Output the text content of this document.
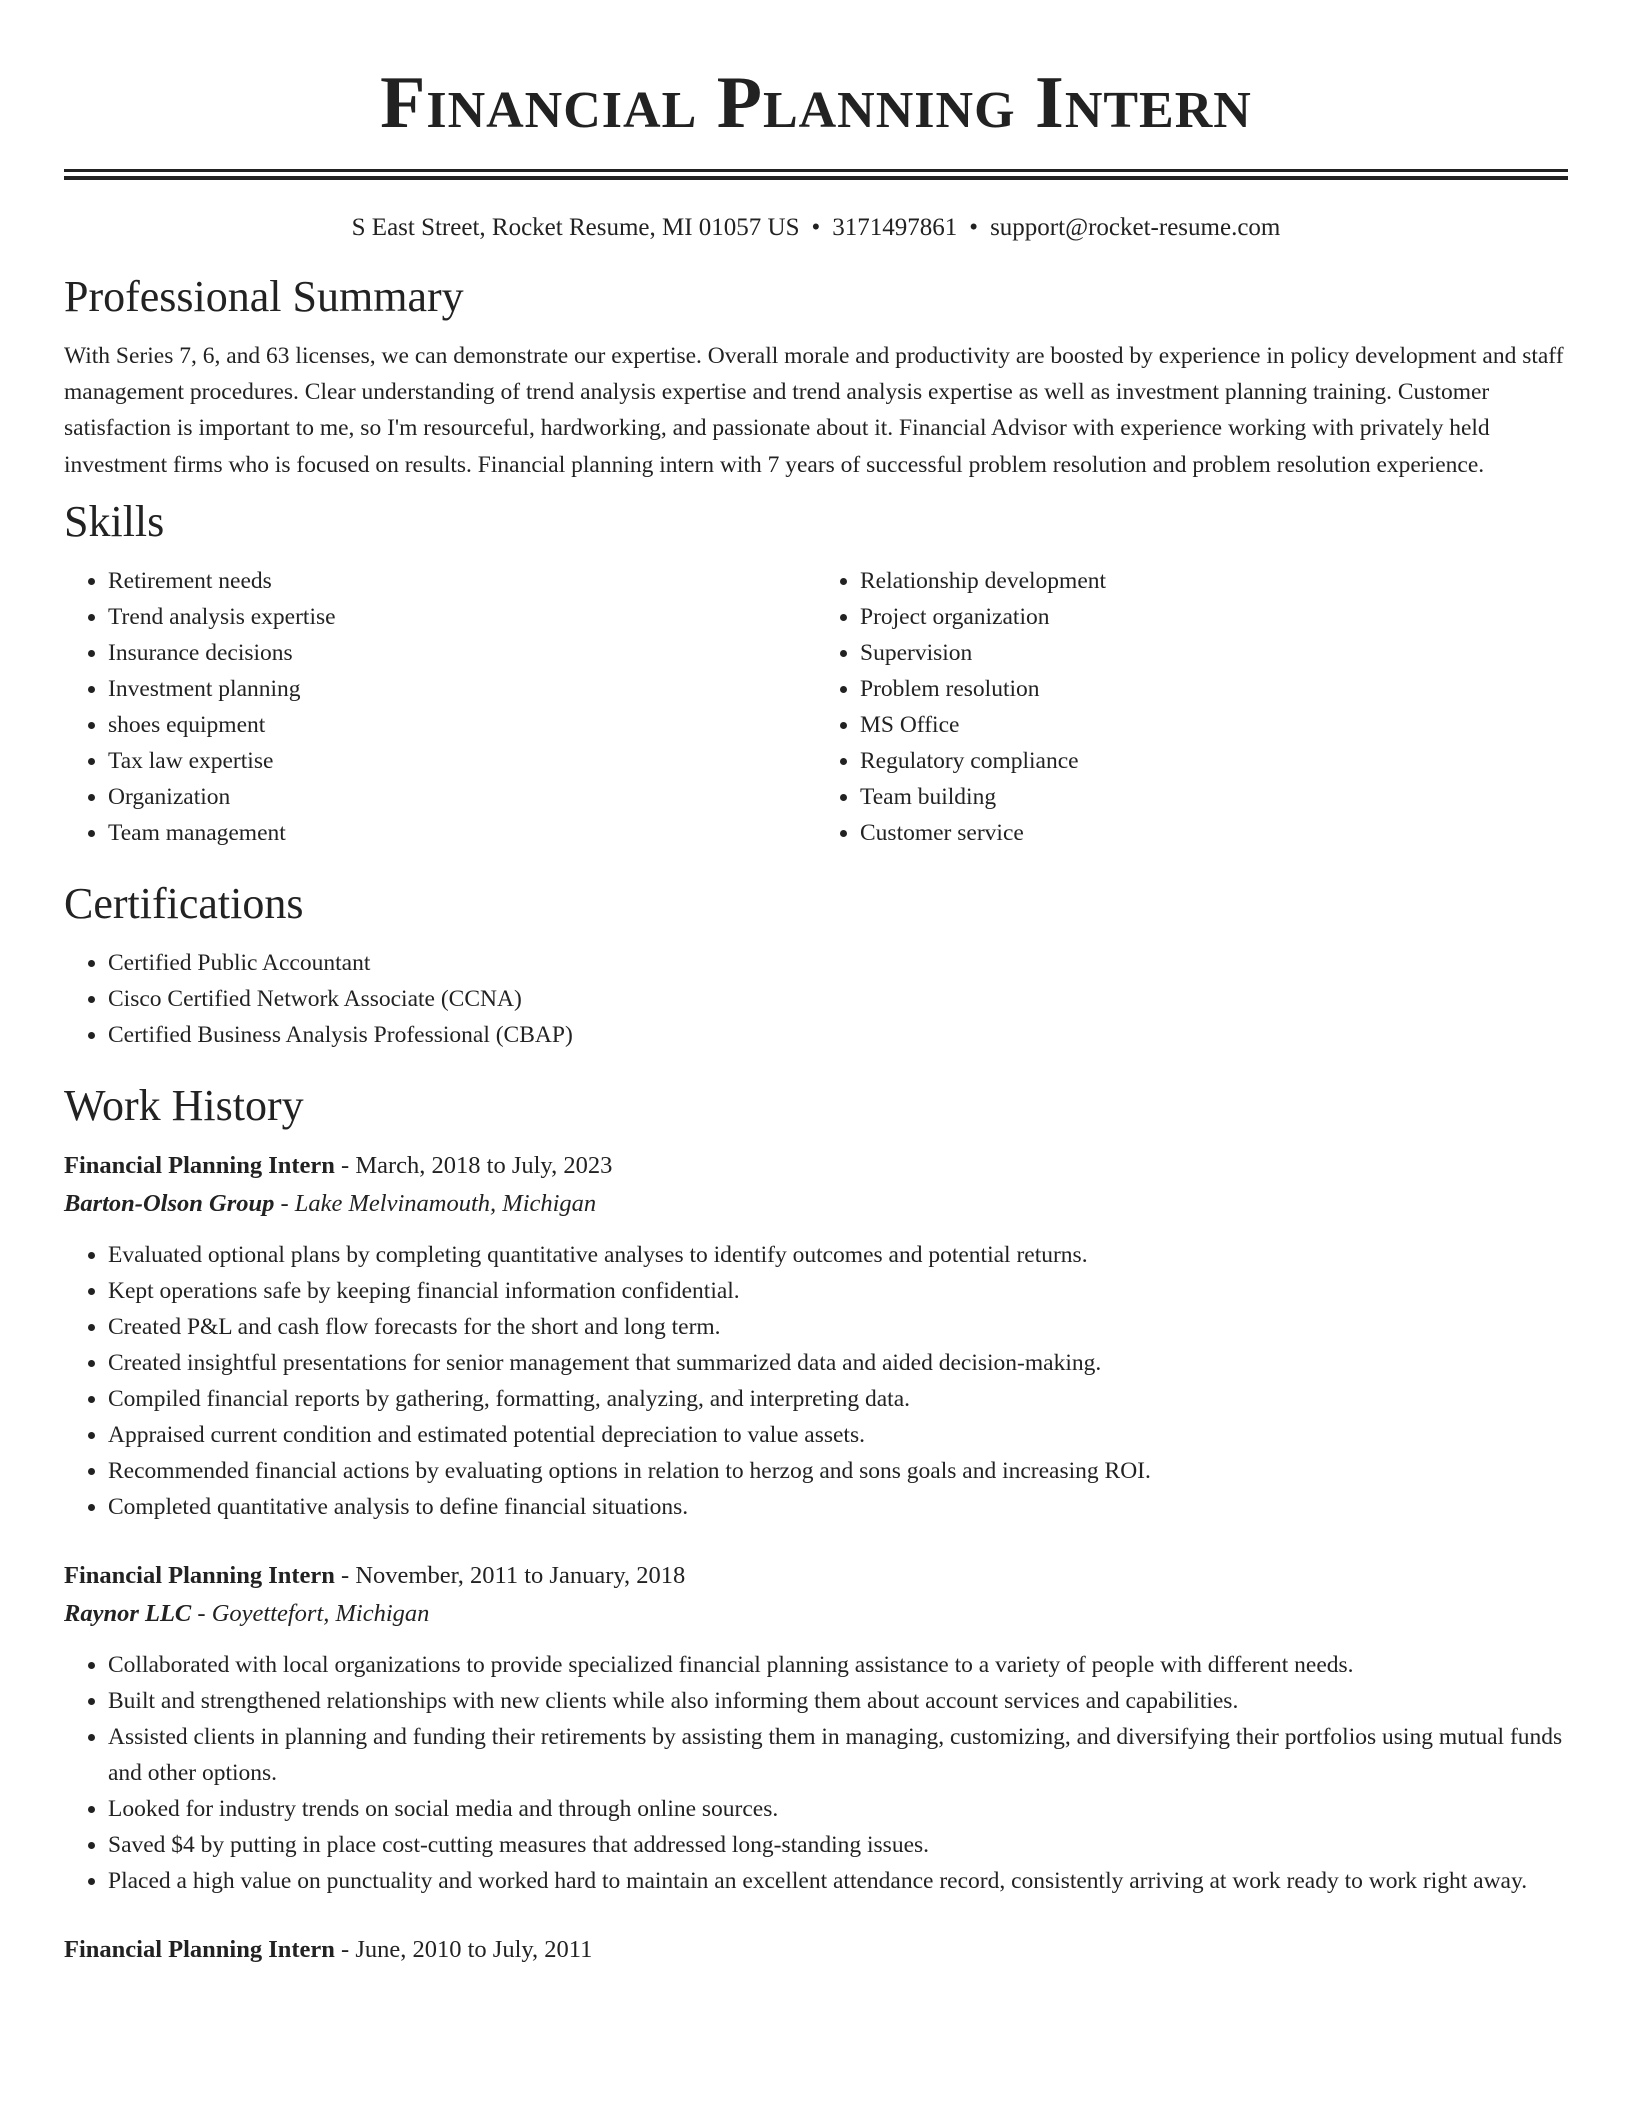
Financial Planning Intern
S East Street, Rocket Resume, MI 01057 US • 3171497861 • support@rocket-resume.com
Professional Summary
With Series 7, 6, and 63 licenses, we can demonstrate our expertise. Overall morale and productivity are boosted by experience in policy development and staff management procedures. Clear understanding of trend analysis expertise and trend analysis expertise as well as investment planning training. Customer satisfaction is important to me, so I'm resourceful, hardworking, and passionate about it. Financial Advisor with experience working with privately held investment firms who is focused on results. Financial planning intern with 7 years of successful problem resolution and problem resolution experience.
Skills
• Retirement needs
• Trend analysis expertise
• Insurance decisions
• Investment planning
• shoes equipment
• Tax law expertise
• Organization
• Team management
• Relationship development
• Project organization
• Supervision
• Problem resolution
• MS Office
• Regulatory compliance
• Team building
• Customer service
Certifications
• Certified Public Accountant
• Cisco Certified Network Associate (CCNA)
• Certified Business Analysis Professional (CBAP)
Work History
Financial Planning Intern - March, 2018 to July, 2023
Barton-Olson Group - Lake Melvinamouth, Michigan
• Evaluated optional plans by completing quantitative analyses to identify outcomes and potential returns.
• Kept operations safe by keeping financial information confidential.
• Created P&L and cash flow forecasts for the short and long term.
• Created insightful presentations for senior management that summarized data and aided decision-making.
• Compiled financial reports by gathering, formatting, analyzing, and interpreting data.
• Appraised current condition and estimated potential depreciation to value assets.
• Recommended financial actions by evaluating options in relation to herzog and sons goals and increasing ROI.
• Completed quantitative analysis to define financial situations.
Financial Planning Intern - November, 2011 to January, 2018
Raynor LLC - Goyettefort, Michigan
• Collaborated with local organizations to provide specialized financial planning assistance to a variety of people with different needs.
• Built and strengthened relationships with new clients while also informing them about account services and capabilities.
• Assisted clients in planning and funding their retirements by assisting them in managing, customizing, and diversifying their portfolios using mutual funds and other options.
• Looked for industry trends on social media and through online sources.
• Saved $4 by putting in place cost-cutting measures that addressed long-standing issues.
• Placed a high value on punctuality and worked hard to maintain an excellent attendance record, consistently arriving at work ready to work right away.
Financial Planning Intern - June, 2010 to July, 2011
